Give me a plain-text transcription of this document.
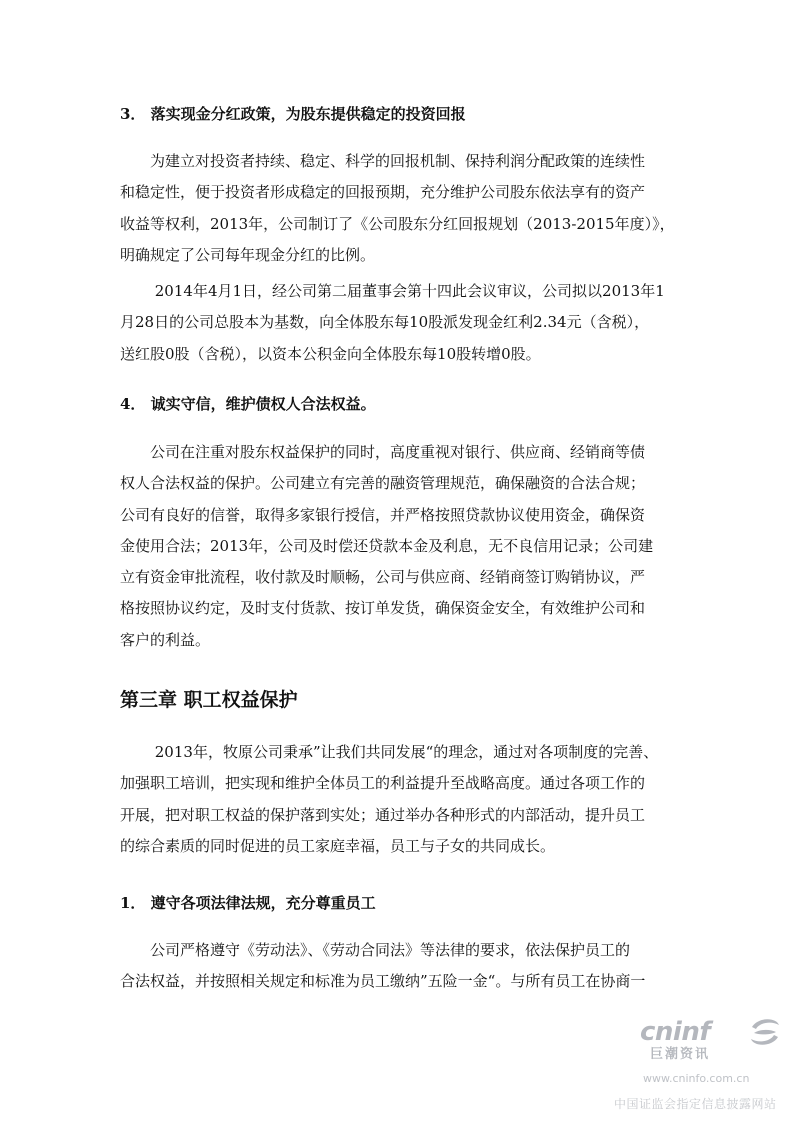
3． 落实现金分红政策，为股东提供稳定的投资回报
　　为建立对投资者持续、稳定、科学的回报机制、保持利润分配政策的连续性
和稳定性，便于投资者形成稳定的回报预期，充分维护公司股东依法享有的资产
收益等权利，2013年，公司制订了《公司股东分红回报规划（2013-2015年度）》，
明确规定了公司每年现金分红的比例。
　　 2014年4月1日，经公司第二届董事会第十四此会议审议，公司拟以2013年1
月28日的公司总股本为基数，向全体股东每10股派发现金红利2.34元（含税），
送红股0股（含税），以资本公积金向全体股东每10股转增0股。
4． 诚实守信，维护债权人合法权益。
　　公司在注重对股东权益保护的同时，高度重视对银行、供应商、经销商等债
权人合法权益的保护。公司建立有完善的融资管理规范，确保融资的合法合规；
公司有良好的信誉，取得多家银行授信，并严格按照贷款协议使用资金，确保资
金使用合法；2013年，公司及时偿还贷款本金及利息，无不良信用记录；公司建
立有资金审批流程，收付款及时顺畅，公司与供应商、经销商签订购销协议，严
格按照协议约定，及时支付货款、按订单发货，确保资金安全，有效维护公司和
客户的利益。
第三章 职工权益保护
　　 2013年，牧原公司秉承”让我们共同发展“的理念，通过对各项制度的完善、
加强职工培训，把实现和维护全体员工的利益提升至战略高度。通过各项工作的
开展，把对职工权益的保护落到实处；通过举办各种形式的内部活动，提升员工
的综合素质的同时促进的员工家庭幸福，员工与子女的共同成长。
1． 遵守各项法律法规，充分尊重员工
　　公司严格遵守《劳动法》、《劳动合同法》等法律的要求，依法保护员工的
合法权益，并按照相关规定和标准为员工缴纳”五险一金“。与所有员工在协商一
cninf
巨潮资讯
www.cninfo.com.cn
中国证监会指定信息披露网站
